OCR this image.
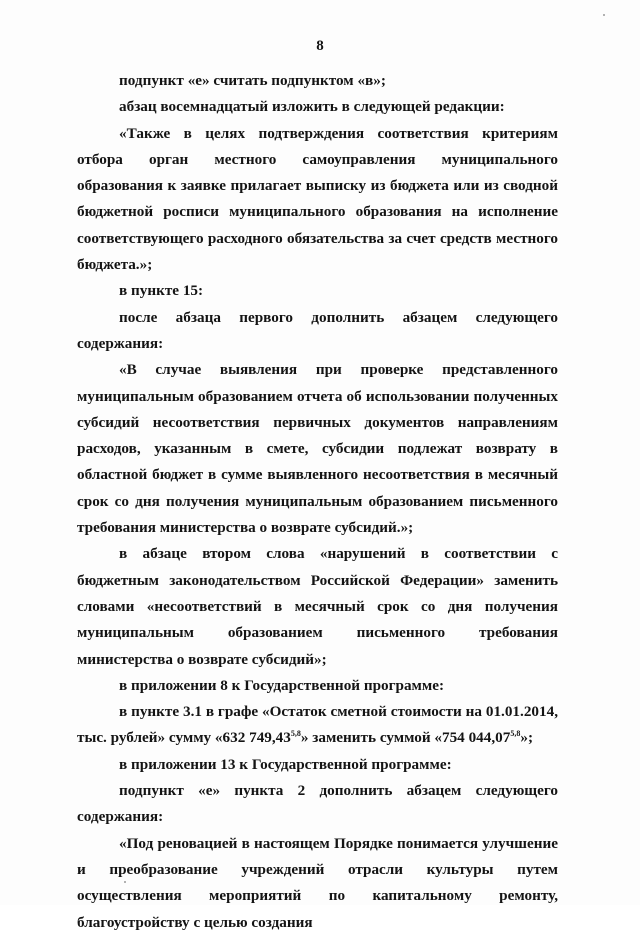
8

подпункт «е» считать подпунктом «в»;

абзац восемнадцатый изложить в следующей редакции:

«Также в целях подтверждения соответствия критериям отбора орган местного самоуправления муниципального образования к заявке прилагает выписку из бюджета или из сводной бюджетной росписи муниципального образования на исполнение соответствующего расходного обязательства за счет средств местного бюджета.»;

в пункте 15:

после абзаца первого дополнить абзацем следующего содержания:

«В случае выявления при проверке представленного муниципальным образованием отчета об использовании полученных субсидий несоответствия первичных документов направлениям расходов, указанным в смете, субсидии подлежат возврату в областной бюджет в сумме выявленного несоответствия в месячный срок со дня получения муниципальным образованием письменного требования министерства о возврате субсидий.»;

в абзаце втором слова «нарушений в соответствии с бюджетным законодательством Российской Федерации» заменить словами «несоответствий в месячный срок со дня получения муниципальным образованием письменного требования министерства о возврате субсидий»;

в приложении 8 к Государственной программе:

в пункте 3.1 в графе «Остаток сметной стоимости на 01.01.2014, тыс. рублей» сумму «632 749,43$^{5,8}$» заменить суммой «754 044,07$^{5,8}$»;

в приложении 13 к Государственной программе:

подпункт «е» пункта 2 дополнить абзацем следующего содержания:

«Под реновацией в настоящем Порядке понимается улучшение и преобразование учреждений отрасли культуры путем осуществления мероприятий по капитальному ремонту, благоустройству с целью создания
